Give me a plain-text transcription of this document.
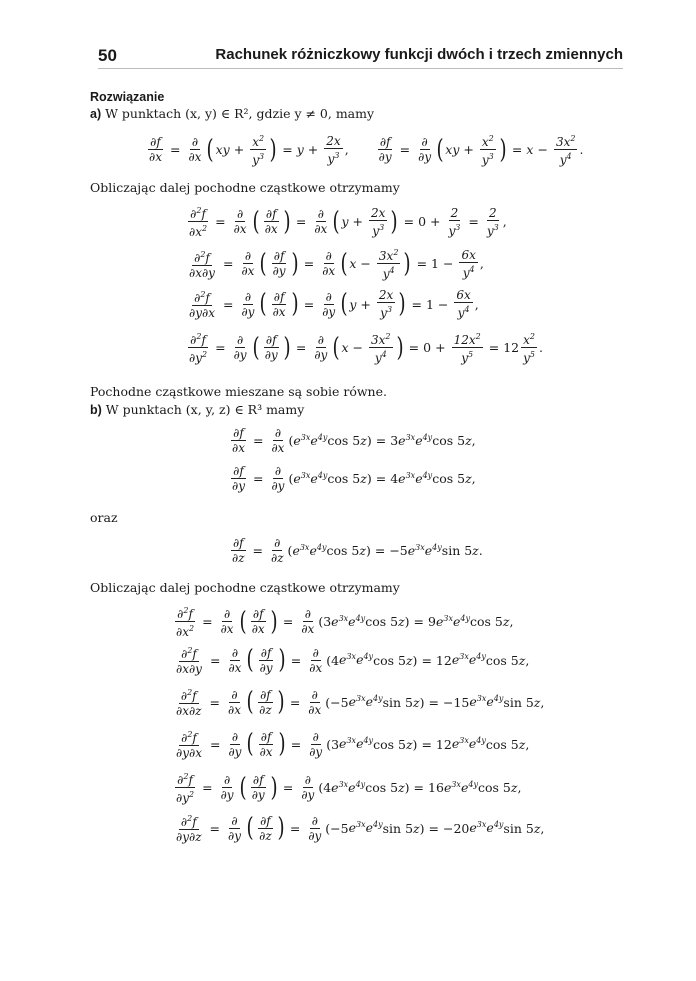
50	Rachunek różniczkowy funkcji dwóch i trzech zmiennych
Rozwiązanie
a) W punktach (x, y) ∈ R², gdzie y ≠ 0, mamy
$\frac{\partial f}{\partial x} = \frac{\partial}{\partial x}$ ( xy + $\frac{x^2}{y^3}$ ) = $y + \frac{2x}{y^3}$ , $\frac{\partial f}{\partial y} = \frac{\partial}{\partial y}$ ( xy + $\frac{x^2}{y^3}$ ) = $x - \frac{3x^2}{y^4}$ .
Obliczając dalej pochodne cząstkowe otrzymamy
$\frac{\partial^2f}{\partial x^2} = \frac{\partial}{\partial x}$ ( $\frac{\partial f}{\partial x}$ ) = $\frac{\partial}{\partial x}$ ( $y + \frac{2x}{y^3}$ ) = $0 + \frac{2}{y^3} = \frac{2}{y^3}$ ,
$\frac{\partial^2f}{\partial x\partial y} = \frac{\partial}{\partial x}$ ( $\frac{\partial f}{\partial y}$ ) = $\frac{\partial}{\partial x}$ ( $x - \frac{3x^2}{y^4}$ ) = $1 - \frac{6x}{y^4}$ ,
$\frac{\partial^2f}{\partial y\partial x} = \frac{\partial}{\partial y}$ ( $\frac{\partial f}{\partial x}$ ) = $\frac{\partial}{\partial y}$ ( $y + \frac{2x}{y^3}$ ) = $1 - \frac{6x}{y^4}$ ,
$\frac{\partial^2f}{\partial y^2} = \frac{\partial}{\partial y}$ ( $\frac{\partial f}{\partial y}$ ) = $\frac{\partial}{\partial y}$ ( $x - \frac{3x^2}{y^4}$ ) = $0 + \frac{12x^2}{y^5} = 12 \frac{x^2}{y^5}$ .
Pochodne cząstkowe mieszane są sobie równe.
b) W punktach (x, y, z) ∈ R³ mamy
$\frac{\partial f}{\partial x} = \frac{\partial}{\partial x}$ ( $e^{3x}e^{4y}$ cos 5 z ) = 3 $e^{3x}e^{4y}$ cos 5 z ,
$\frac{\partial f}{\partial y} = \frac{\partial}{\partial y}$ ( $e^{3x}e^{4y}$ cos 5 z ) = 4 $e^{3x}e^{4y}$ cos 5 z ,
oraz
$\frac{\partial f}{\partial z} = \frac{\partial}{\partial z}$ ( $e^{3x}e^{4y}$ cos 5 z ) = −5 $e^{3x}e^{4y}$ sin 5 z .
Obliczając dalej pochodne cząstkowe otrzymamy
$\frac{\partial^2f}{\partial x^2} = \frac{\partial}{\partial x}$ ( $\frac{\partial f}{\partial x}$ ) = $\frac{\partial}{\partial x} (3$ $e^{3x}e^{4y}$ cos 5 z ) = 9 $e^{3x}e^{4y}$ cos 5 z ,
$\frac{\partial^2f}{\partial x\partial y} = \frac{\partial}{\partial x}$ ( $\frac{\partial f}{\partial y}$ ) = $\frac{\partial}{\partial x} (4$ $e^{3x}e^{4y}$ cos 5 z ) = 12 $e^{3x}e^{4y}$ cos 5 z ,
$\frac{\partial^2f}{\partial x\partial z} = \frac{\partial}{\partial x}$ ( $\frac{\partial f}{\partial z}$ ) = $\frac{\partial}{\partial x} (-5$ $e^{3x}e^{4y}$ sin 5 z ) = −15 $e^{3x}e^{4y}$ sin 5 z ,
$\frac{\partial^2f}{\partial y\partial x} = \frac{\partial}{\partial y}$ ( $\frac{\partial f}{\partial x}$ ) = $\frac{\partial}{\partial y} (3$ $e^{3x}e^{4y}$ cos 5 z ) = 12 $e^{3x}e^{4y}$ cos 5 z ,
$\frac{\partial^2f}{\partial y^2} = \frac{\partial}{\partial y}$ ( $\frac{\partial f}{\partial y}$ ) = $\frac{\partial}{\partial y} (4$ $e^{3x}e^{4y}$ cos 5 z ) = 16 $e^{3x}e^{4y}$ cos 5 z ,
$\frac{\partial^2f}{\partial y\partial z} = \frac{\partial}{\partial y}$ ( $\frac{\partial f}{\partial z}$ ) = $\frac{\partial}{\partial y} (-5$ $e^{3x}e^{4y}$ sin 5 z ) = −20 $e^{3x}e^{4y}$ sin 5 z ,
